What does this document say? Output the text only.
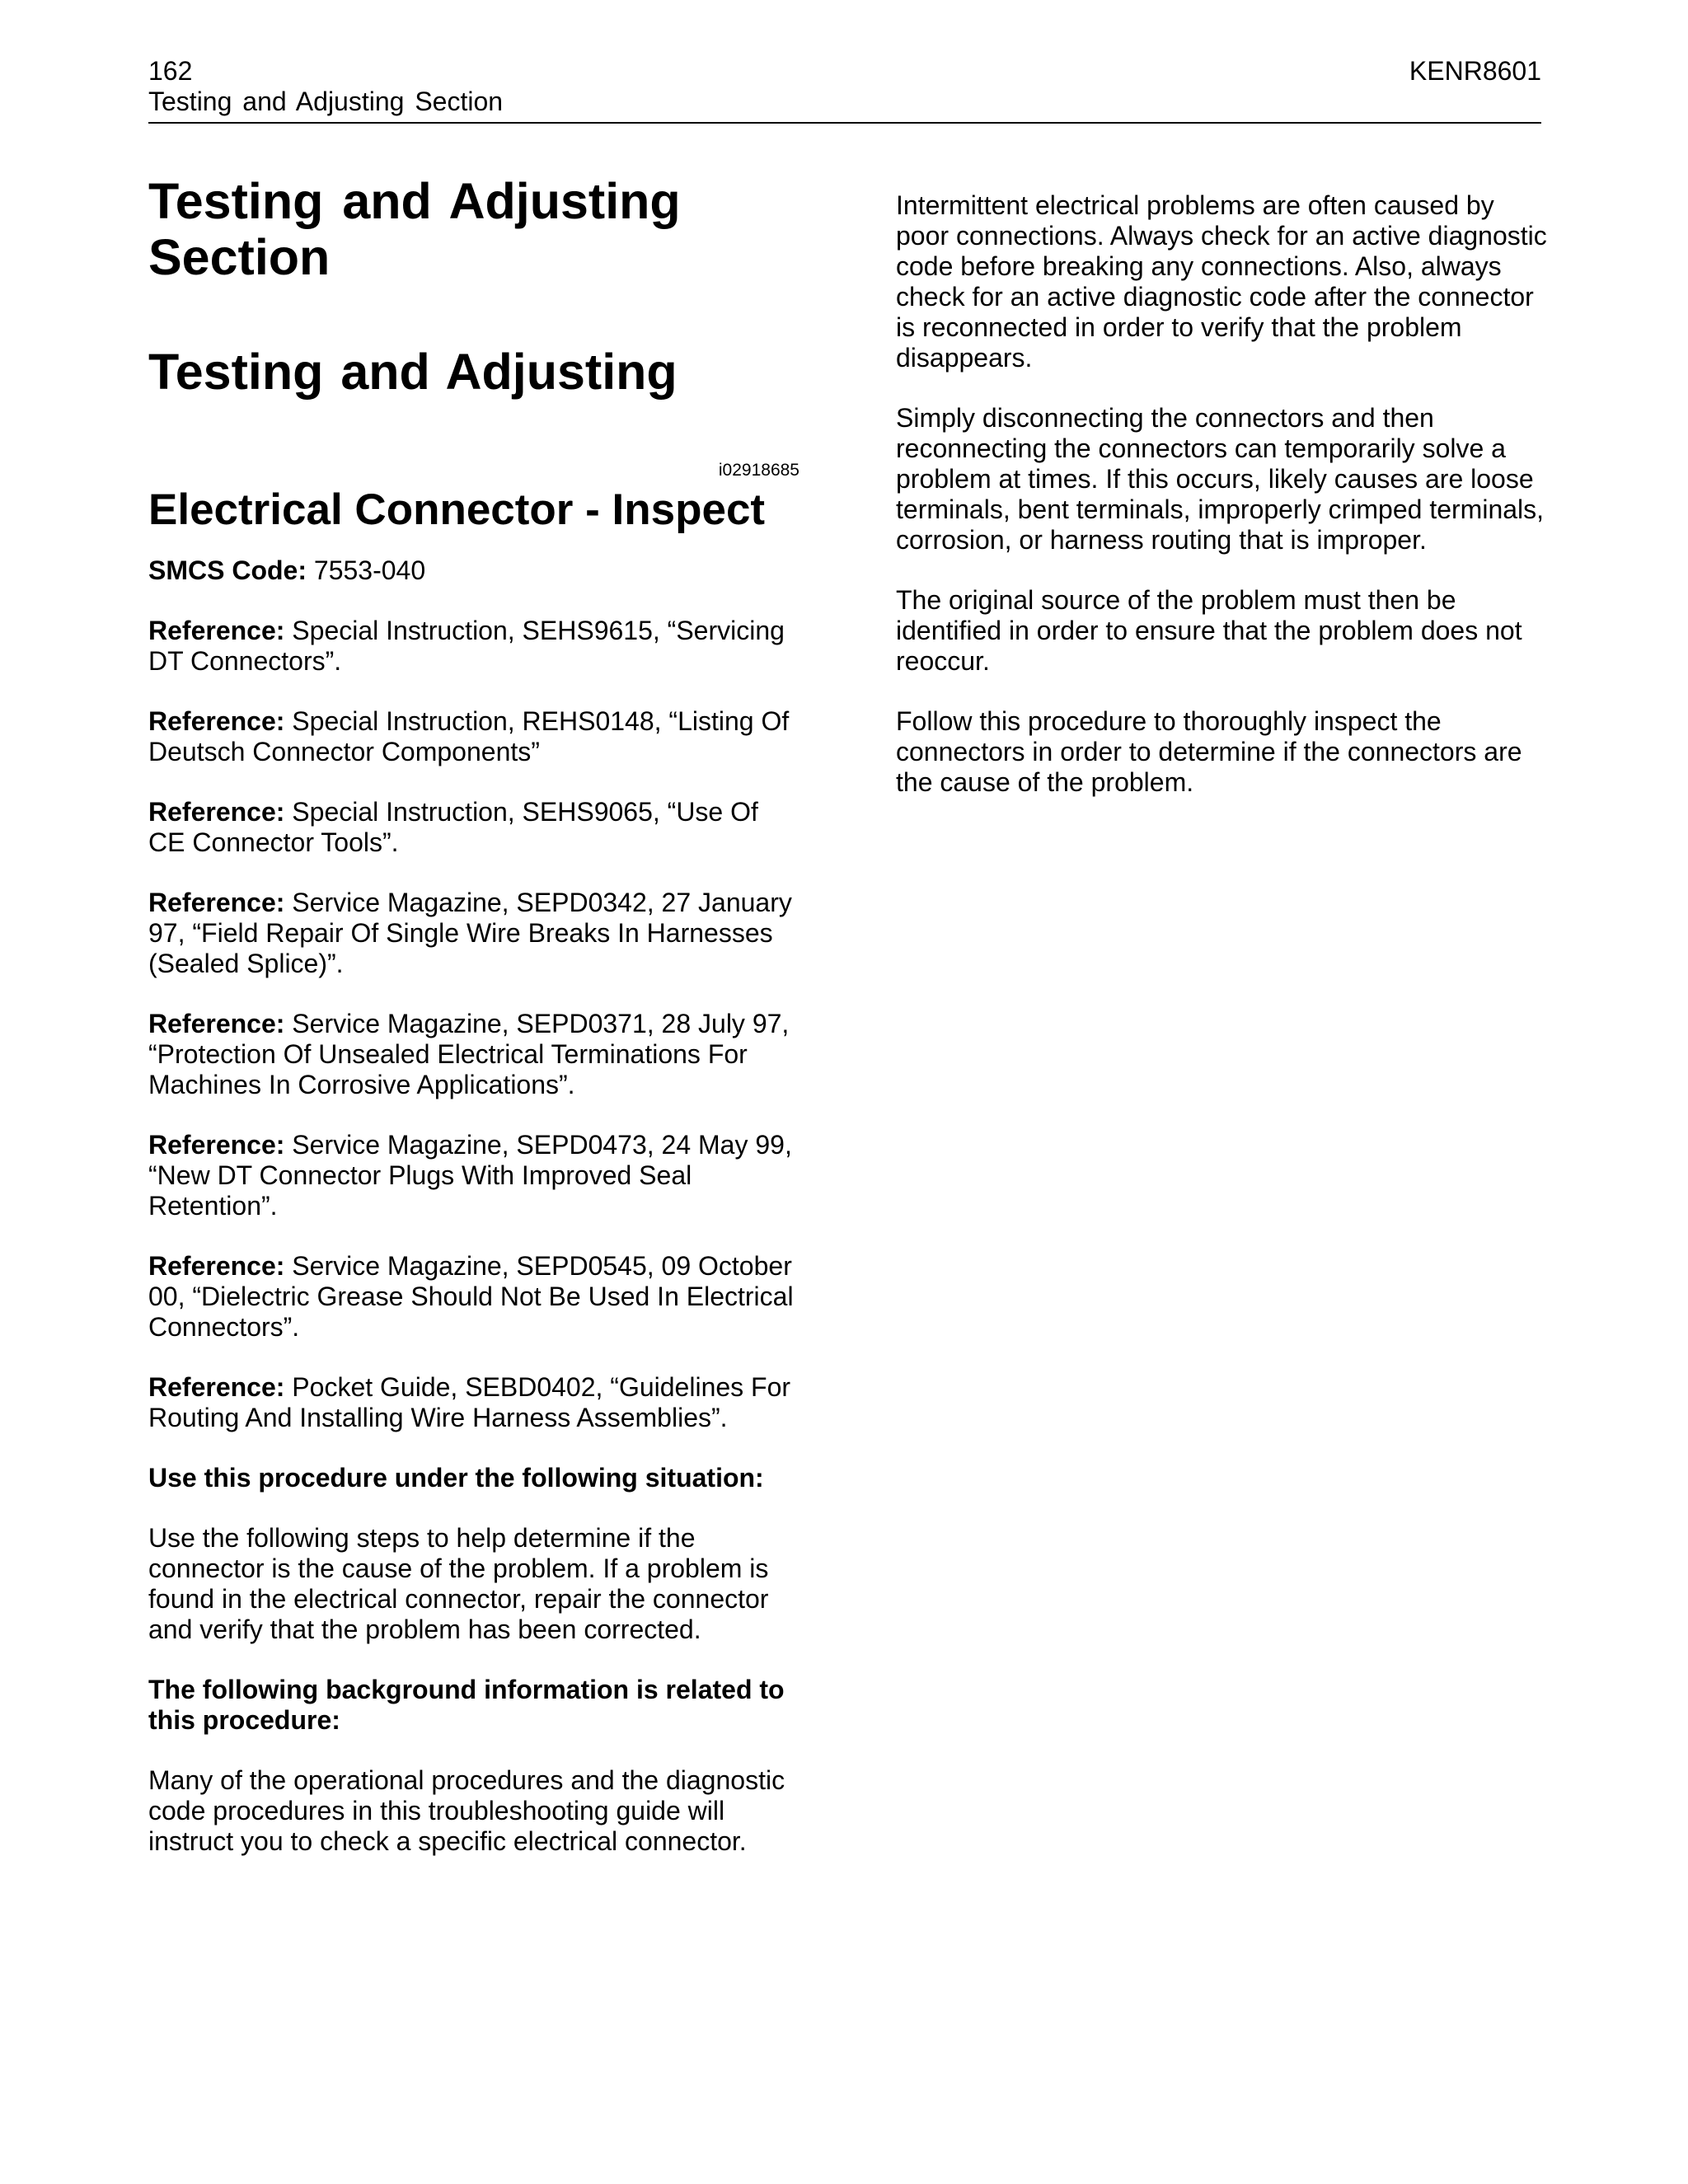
162	KENR8601
Testing and Adjusting Section
Testing and Adjusting Section
Testing and Adjusting
i02918685
Electrical Connector - Inspect

SMCS Code: 7553-040

Reference: Special Instruction, SEHS9615, “Servicing DT Connectors”.

Reference: Special Instruction, REHS0148, “Listing Of Deutsch Connector Components”

Reference: Special Instruction, SEHS9065, “Use Of CE Connector Tools”.

Reference: Service Magazine, SEPD0342, 27 January 97, “Field Repair Of Single Wire Breaks In Harnesses (Sealed Splice)”.

Reference: Service Magazine, SEPD0371, 28 July 97, “Protection Of Unsealed Electrical Terminations For Machines In Corrosive Applications”.

Reference: Service Magazine, SEPD0473, 24 May 99, “New DT Connector Plugs With Improved Seal Retention”.

Reference: Service Magazine, SEPD0545, 09 October 00, “Dielectric Grease Should Not Be Used In Electrical Connectors”.

Reference: Pocket Guide, SEBD0402, “Guidelines For Routing And Installing Wire Harness Assemblies”.

Use this procedure under the following situation:

Use the following steps to help determine if the connector is the cause of the problem. If a problem is found in the electrical connector, repair the connector and verify that the problem has been corrected.

The following background information is related to this procedure:

Many of the operational procedures and the diagnostic code procedures in this troubleshooting guide will instruct you to check a specific electrical connector.

Intermittent electrical problems are often caused by poor connections. Always check for an active diagnostic code before breaking any connections. Also, always check for an active diagnostic code after the connector is reconnected in order to verify that the problem disappears.

Simply disconnecting the connectors and then reconnecting the connectors can temporarily solve a problem at times. If this occurs, likely causes are loose terminals, bent terminals, improperly crimped terminals, corrosion, or harness routing that is improper.

The original source of the problem must then be identified in order to ensure that the problem does not reoccur.

Follow this procedure to thoroughly inspect the connectors in order to determine if the connectors are the cause of the problem.
